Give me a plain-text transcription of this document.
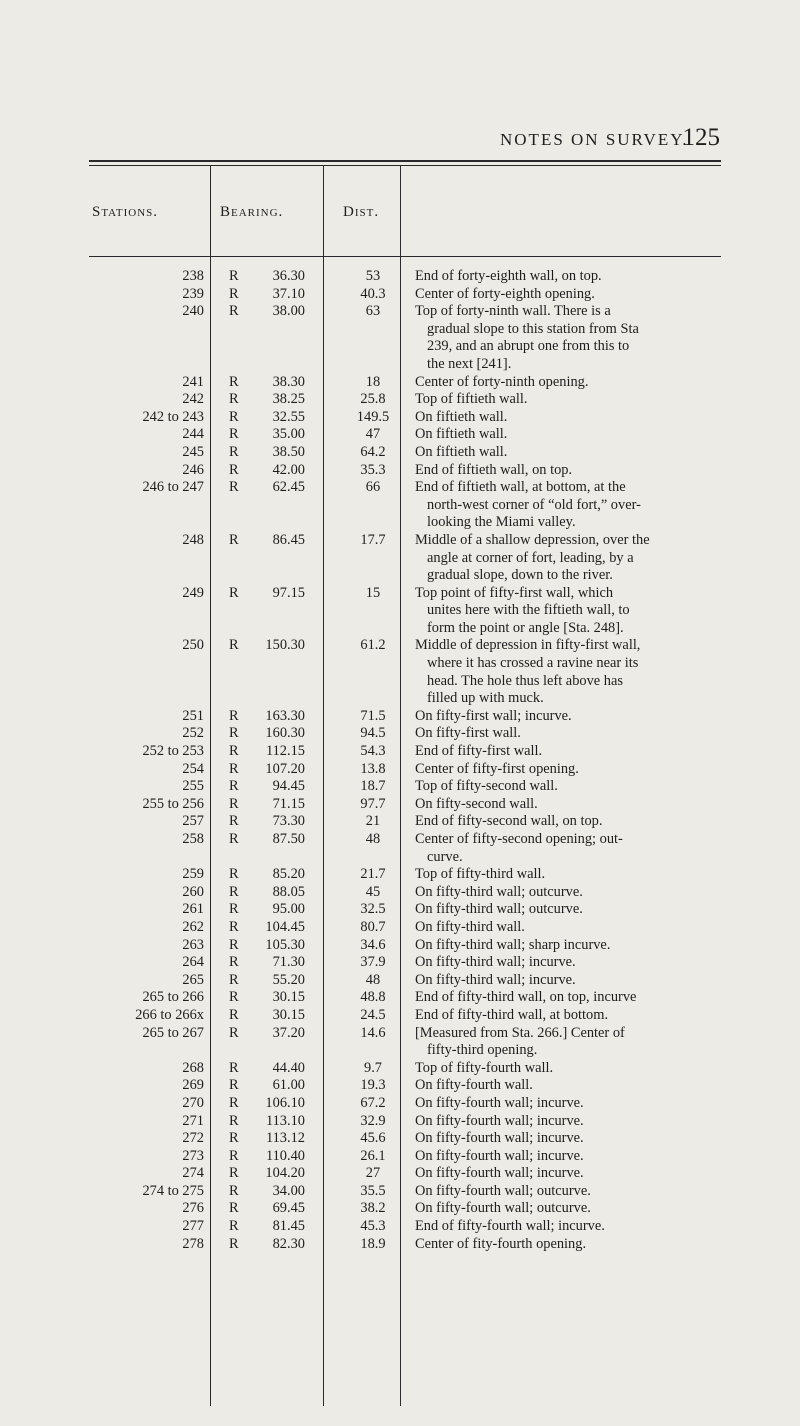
NOTES ON SURVEY.
125
Stations.	Bearing.	Dist.
238	R	36.30	53	End of forty-eighth wall, on top.
239	R	37.10	40.3	Center of forty-eighth opening.
240	R	38.00	63	Top of forty-ninth wall. There is a
gradual slope to this station from Sta
239, and an abrupt one from this to
the next [241].
241	R	38.30	18	Center of forty-ninth opening.
242	R	38.25	25.8	Top of fiftieth wall.
242 to 243	R	32.55	149.5	On fiftieth wall.
244	R	35.00	47	On fiftieth wall.
245	R	38.50	64.2	On fiftieth wall.
246	R	42.00	35.3	End of fiftieth wall, on top.
246 to 247	R	62.45	66	End of fiftieth wall, at bottom, at the
north-west corner of “old fort,” over-
looking the Miami valley.
248	R	86.45	17.7	Middle of a shallow depression, over the
angle at corner of fort, leading, by a
gradual slope, down to the river.
249	R	97.15	15	Top point of fifty-first wall, which
unites here with the fiftieth wall, to
form the point or angle [Sta. 248].
250	R	150.30	61.2	Middle of depression in fifty-first wall,
where it has crossed a ravine near its
head. The hole thus left above has
filled up with muck.
251	R	163.30	71.5	On fifty-first wall; incurve.
252	R	160.30	94.5	On fifty-first wall.
252 to 253	R	112.15	54.3	End of fifty-first wall.
254	R	107.20	13.8	Center of fifty-first opening.
255	R	94.45	18.7	Top of fifty-second wall.
255 to 256	R	71.15	97.7	On fifty-second wall.
257	R	73.30	21	End of fifty-second wall, on top.
258	R	87.50	48	Center of fifty-second opening; out-
curve.
259	R	85.20	21.7	Top of fifty-third wall.
260	R	88.05	45	On fifty-third wall; outcurve.
261	R	95.00	32.5	On fifty-third wall; outcurve.
262	R	104.45	80.7	On fifty-third wall.
263	R	105.30	34.6	On fifty-third wall; sharp incurve.
264	R	71.30	37.9	On fifty-third wall; incurve.
265	R	55.20	48	On fifty-third wall; incurve.
265 to 266	R	30.15	48.8	End of fifty-third wall, on top, incurve
266 to 266x	R	30.15	24.5	End of fifty-third wall, at bottom.
265 to 267	R	37.20	14.6	[Measured from Sta. 266.] Center of
fifty-third opening.
268	R	44.40	9.7	Top of fifty-fourth wall.
269	R	61.00	19.3	On fifty-fourth wall.
270	R	106.10	67.2	On fifty-fourth wall; incurve.
271	R	113.10	32.9	On fifty-fourth wall; incurve.
272	R	113.12	45.6	On fifty-fourth wall; incurve.
273	R	110.40	26.1	On fifty-fourth wall; incurve.
274	R	104.20	27	On fifty-fourth wall; incurve.
274 to 275	R	34.00	35.5	On fifty-fourth wall; outcurve.
276	R	69.45	38.2	On fifty-fourth wall; outcurve.
277	R	81.45	45.3	End of fifty-fourth wall; incurve.
278	R	82.30	18.9	Center of fity-fourth opening.
